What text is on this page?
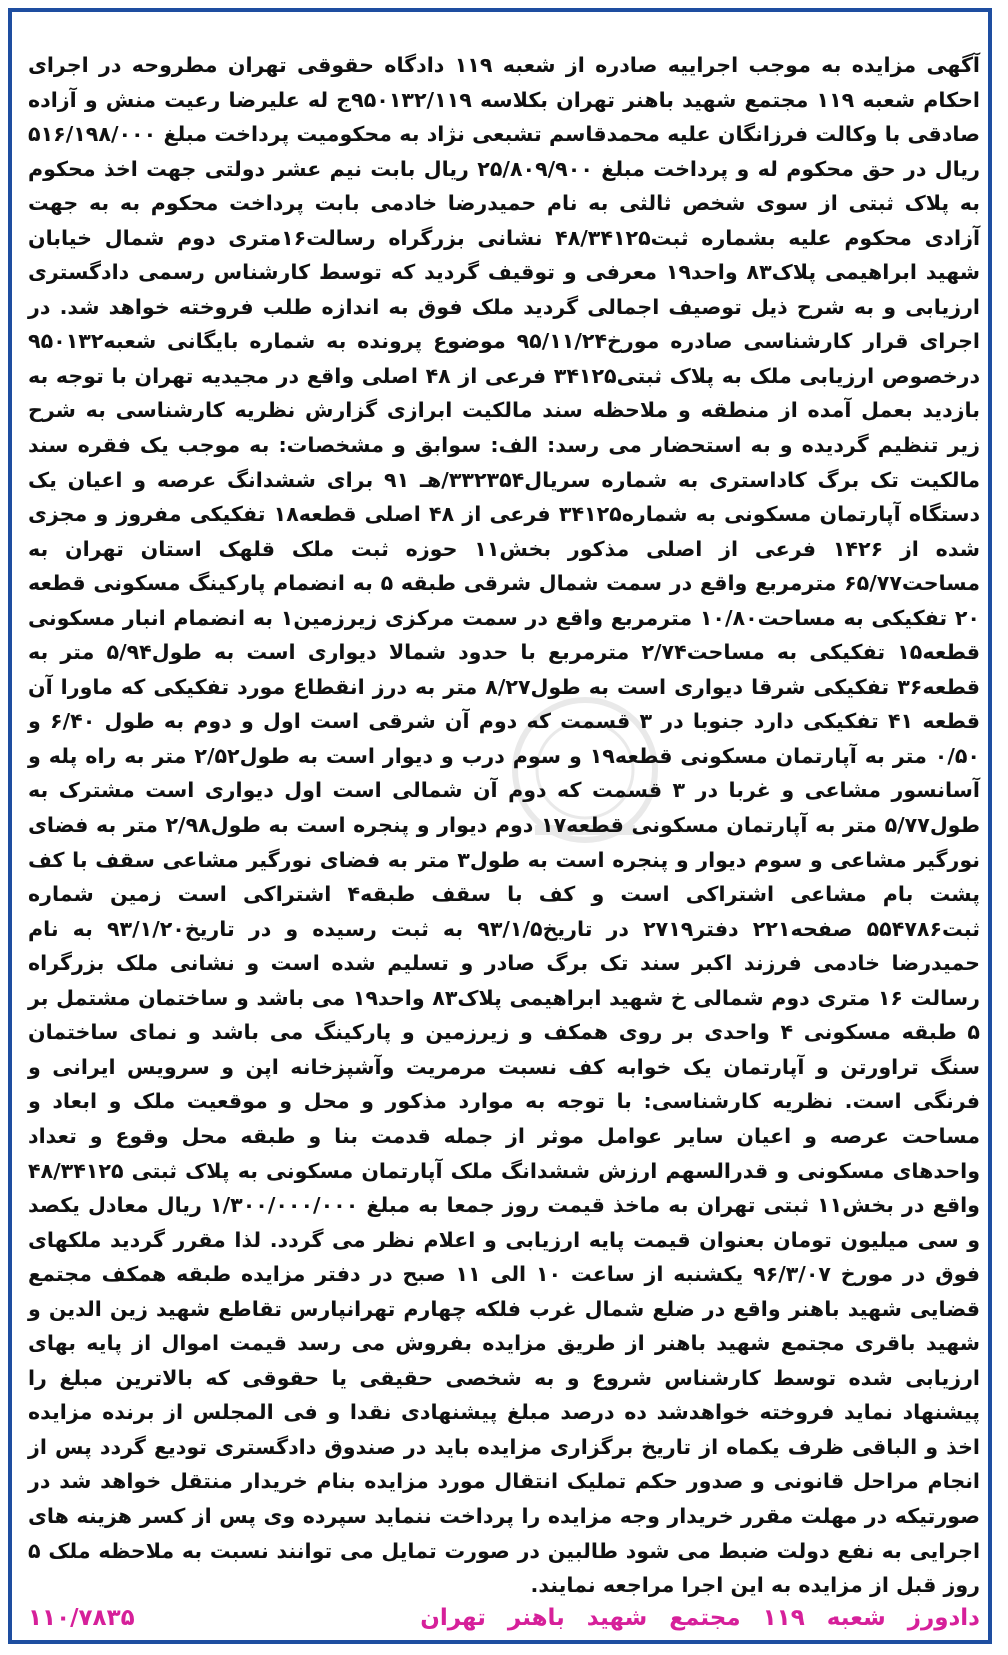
آگهی مزایده به موجب اجراییه صادره از شعبه ۱۱۹ دادگاه حقوقی تهران مطروحه در اجرای احکام شعبه ۱۱۹ مجتمع شهید باهنر تهران بکلاسه ۹۵۰۱۳۲/۱۱۹ج له علیرضا رعیت منش و آزاده صادقی با وکالت فرزانگان علیه محمدقاسم تشبعی نژاد به محکومیت پرداخت مبلغ ۵۱۶/۱۹۸/۰۰۰ ریال در حق محکوم له و پرداخت مبلغ ۲۵/۸۰۹/۹۰۰ ریال بابت نیم عشر دولتی جهت اخذ محکوم به پلاک ثبتی از سوی شخص ثالثی به نام حمیدرضا خادمی بابت پرداخت محکوم به به جهت آزادی محکوم علیه بشماره ثبت۴۸/۳۴۱۲۵ نشانی بزرگراه رسالت۱۶متری دوم شمال خیابان شهید ابراهیمی پلاک۸۳ واحد۱۹ معرفی و توقیف گردید که توسط کارشناس رسمی دادگستری ارزیابی و به شرح ذیل توصیف اجمالی گردید ملک فوق به اندازه طلب فروخته خواهد شد. در اجرای قرار کارشناسی صادره مورخ۹۵/۱۱/۲۴ موضوع پرونده به شماره بایگانی شعبه۹۵۰۱۳۲ درخصوص ارزیابی ملک به پلاک ثبتی۳۴۱۲۵ فرعی از ۴۸ اصلی واقع در مجیدیه تهران با توجه به بازدید بعمل آمده از منطقه و ملاحظه سند مالکیت ابرازی گزارش نظریه کارشناسی به شرح زیر تنظیم گردیده و به استحضار می رسد: الف: سوابق و مشخصات: به موجب یک فقره سند مالکیت تک برگ کاداستری به شماره سریال۳۳۲۳۵۴/هـ ۹۱ برای ششدانگ عرصه و اعیان یک دستگاه آپارتمان مسکونی به شماره۳۴۱۲۵ فرعی از ۴۸ اصلی قطعه۱۸ تفکیکی مفروز و مجزی شده از ۱۴۲۶ فرعی از اصلی مذکور بخش۱۱ حوزه ثبت ملک قلهک استان تهران به مساحت۶۵/۷۷ مترمربع واقع در سمت شمال شرقی طبقه ۵ به انضمام پارکینگ مسکونی قطعه ۲۰ تفکیکی به مساحت۱۰/۸۰ مترمربع واقع در سمت مرکزی زیرزمین۱ به انضمام انبار مسکونی قطعه۱۵ تفکیکی به مساحت۲/۷۴ مترمربع با حدود شمالا دیواری است به طول۵/۹۴ متر به قطعه۳۶ تفکیکی شرقا دیواری است به طول۸/۲۷ متر به درز انقطاع مورد تفکیکی که ماورا آن قطعه ۴۱ تفکیکی دارد جنوبا در ۳ قسمت که دوم آن شرقی است اول و دوم به طول ۶/۴۰ و ۰/۵۰ متر به آپارتمان مسکونی قطعه۱۹ و سوم درب و دیوار است به طول۲/۵۲ متر به راه پله و آسانسور مشاعی و غربا در ۳ قسمت که دوم آن شمالی است اول دیواری است مشترک به طول۵/۷۷ متر به آپارتمان مسکونی قطعه۱۷ دوم دیوار و پنجره است به طول۲/۹۸ متر به فضای نورگیر مشاعی و سوم دیوار و پنجره است به طول۳ متر به فضای نورگیر مشاعی سقف با کف پشت بام مشاعی اشتراکی است و کف با سقف طبقه۴ اشتراکی است زمین شماره ثبت۵۵۴۷۸۶ صفحه۲۲۱ دفتر۲۷۱۹ در تاریخ۹۳/۱/۵ به ثبت رسیده و در تاریخ۹۳/۱/۲۰ به نام حمیدرضا خادمی فرزند اکبر سند تک برگ صادر و تسلیم شده است و نشانی ملک بزرگراه رسالت ۱۶ متری دوم شمالی خ شهید ابراهیمی پلاک۸۳ واحد۱۹ می باشد و ساختمان مشتمل بر ۵ طبقه مسکونی ۴ واحدی بر روی همکف و زیرزمین و پارکینگ می باشد و نمای ساختمان سنگ تراورتن و آپارتمان یک خوابه کف نسبت مرمریت وآشپزخانه اپن و سرویس ایرانی و فرنگی است. نظریه کارشناسی: با توجه به موارد مذکور و محل و موقعیت ملک و ابعاد و مساحت عرصه و اعیان سایر عوامل موثر از جمله قدمت بنا و طبقه محل وقوع و تعداد واحدهای مسکونی و قدرالسهم ارزش ششدانگ ملک آپارتمان مسکونی به پلاک ثبتی ۴۸/۳۴۱۲۵ واقع در بخش۱۱ ثبتی تهران به ماخذ قیمت روز جمعا به مبلغ ۱/۳۰۰/۰۰۰/۰۰۰ ریال معادل یکصد و سی میلیون تومان بعنوان قیمت پایه ارزیابی و اعلام نظر می گردد. لذا مقرر گردید ملکهای فوق در مورخ ۹۶/۳/۰۷ یکشنبه از ساعت ۱۰ الی ۱۱ صبح در دفتر مزایده طبقه همکف مجتمع قضایی شهید باهنر واقع در ضلع شمال غرب فلکه چهارم تهرانپارس تقاطع شهید زین الدین و شهید باقری مجتمع شهید باهنر از طریق مزایده بفروش می رسد قیمت اموال از پایه بهای ارزیابی شده توسط کارشناس شروع و به شخصی حقیقی یا حقوقی که بالاترین مبلغ را پیشنهاد نماید فروخته خواهدشد ده درصد مبلغ پیشنهادی نقدا و فی المجلس از برنده مزایده اخذ و الباقی ظرف یکماه از تاریخ برگزاری مزایده باید در صندوق دادگستری تودیع گردد پس از انجام مراحل قانونی و صدور حکم تملیک انتقال مورد مزایده بنام خریدار منتقل خواهد شد در صورتیکه در مهلت مقرر خریدار وجه مزایده را پرداخت ننماید سپرده وی پس از کسر هزینه های اجرایی به نفع دولت ضبط می شود طالبین در صورت تمایل می توانند نسبت به ملاحظه ملک ۵ روز قبل از مزایده به این اجرا مراجعه نمایند.

۱۱۰/۷۸۳۵	دادورز شعبه ۱۱۹ مجتمع شهید باهنر تهران
